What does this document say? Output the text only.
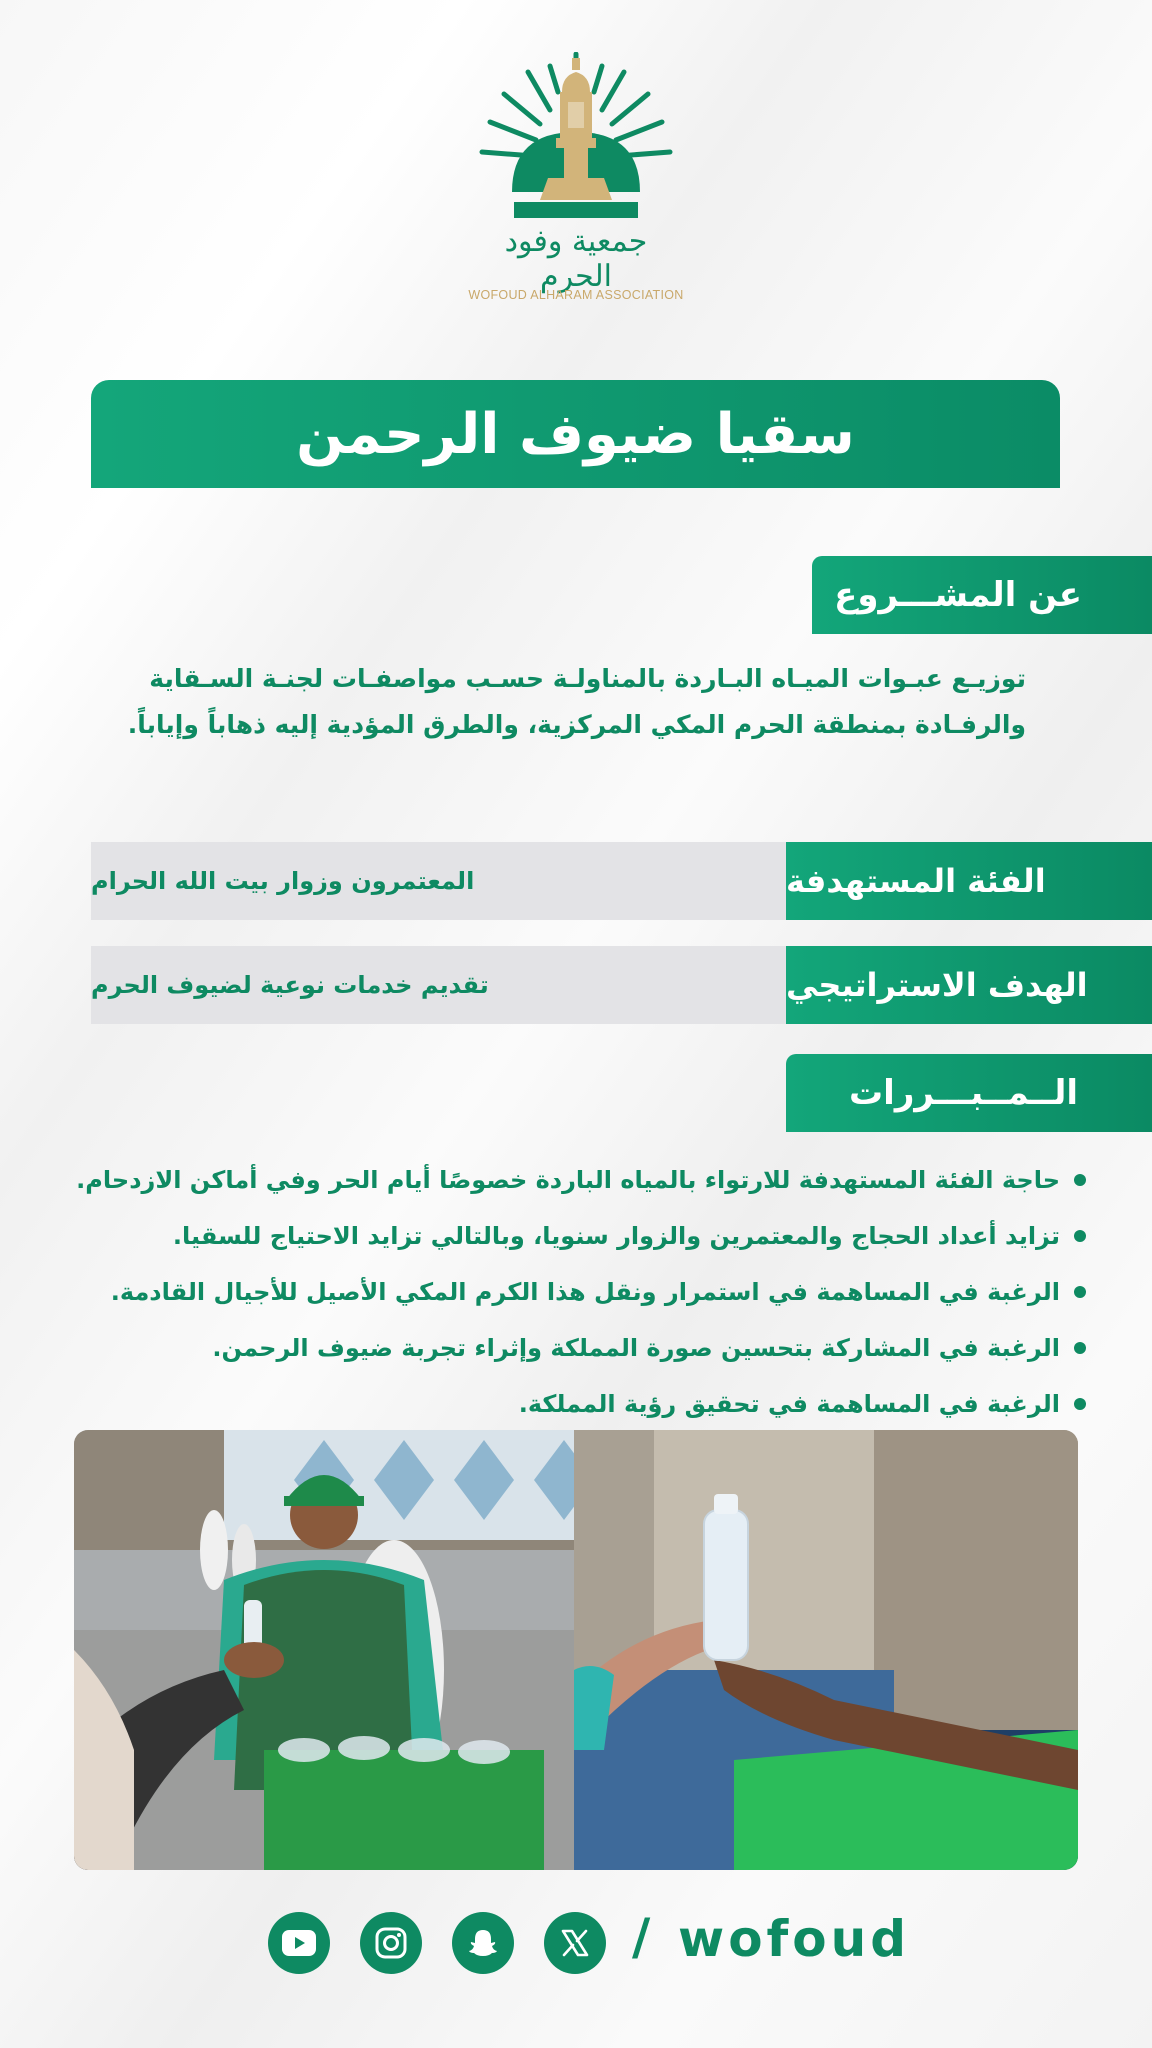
جمعية وفود الحرم
WOFOUD ALHARAM ASSOCIATION
سقيا ضيوف الرحمن
عن المشـــروع

توزيـع عبـوات الميـاه البـاردة بالمناولـة حسـب مواصفـات لجنـة السـقاية والرفـادة بمنطقة الحرم المكي المركزية، والطرق المؤدية إليه ذهاباً وإياباً.

المعتمرون وزوار بيت الله الحرام	الفئة المستهدفة
تقديم خدمات نوعية لضيوف الحرم	الهدف الاستراتيجي
الــمــبـــررات
حاجة الفئة المستهدفة للارتواء بالمياه الباردة خصوصًا أيام الحر وفي أماكن الازدحام.
تزايد أعداد الحجاج والمعتمرين والزوار سنويا، وبالتالي تزايد الاحتياج للسقيا.
الرغبة في المساهمة في استمرار ونقل هذا الكرم المكي الأصيل للأجيال القادمة.
الرغبة في المشاركة بتحسين صورة المملكة وإثراء تجربة ضيوف الرحمن.
الرغبة في المساهمة في تحقيق رؤية المملكة.
/ wofoud
